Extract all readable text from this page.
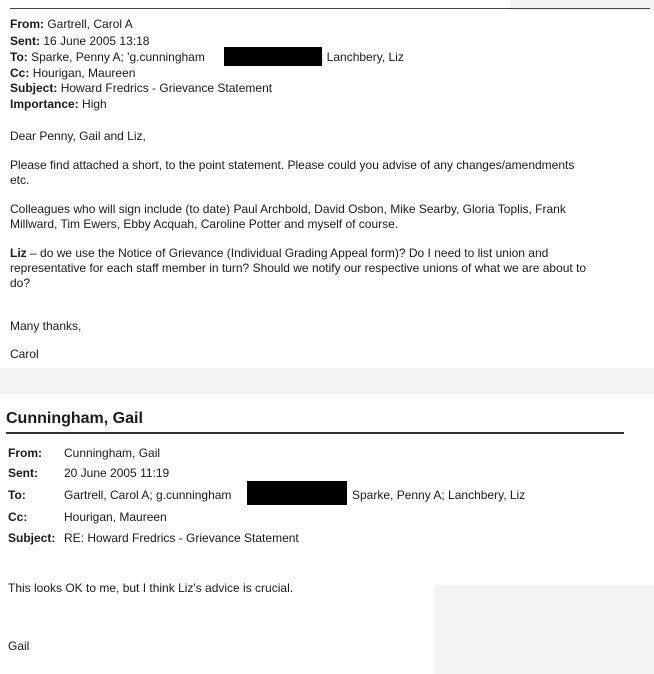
From: Gartrell, Carol A
Sent: 16 June 2005 13:18
To: Sparke, Penny A; 'g.cunningham	; Lanchbery, Liz
Cc: Hourigan, Maureen
Subject: Howard Fredrics - Grievance Statement
Importance: High
Dear Penny, Gail and Liz,
Please find attached a short, to the point statement. Please could you advise of any changes/amendments
etc.
Colleagues who will sign include (to date) Paul Archbold, David Osbon, Mike Searby, Gloria Toplis, Frank
Millward, Tim Ewers, Ebby Acquah, Caroline Potter and myself of course.
Liz – do we use the Notice of Grievance (Individual Grading Appeal form)? Do I need to list union and
representative for each staff member in turn? Should we notify our respective unions of what we are about to
do?
Many thanks,
Carol
Cunningham, Gail
From: Cunningham, Gail
Sent: 20 June 2005 11:19
To:	Gartrell, Carol A; g.cunningham	Sparke, Penny A; Lanchbery, Liz
Cc:	Hourigan, Maureen
Subject: RE: Howard Fredrics - Grievance Statement
This looks OK to me, but I think Liz's advice is crucial.
Gail
